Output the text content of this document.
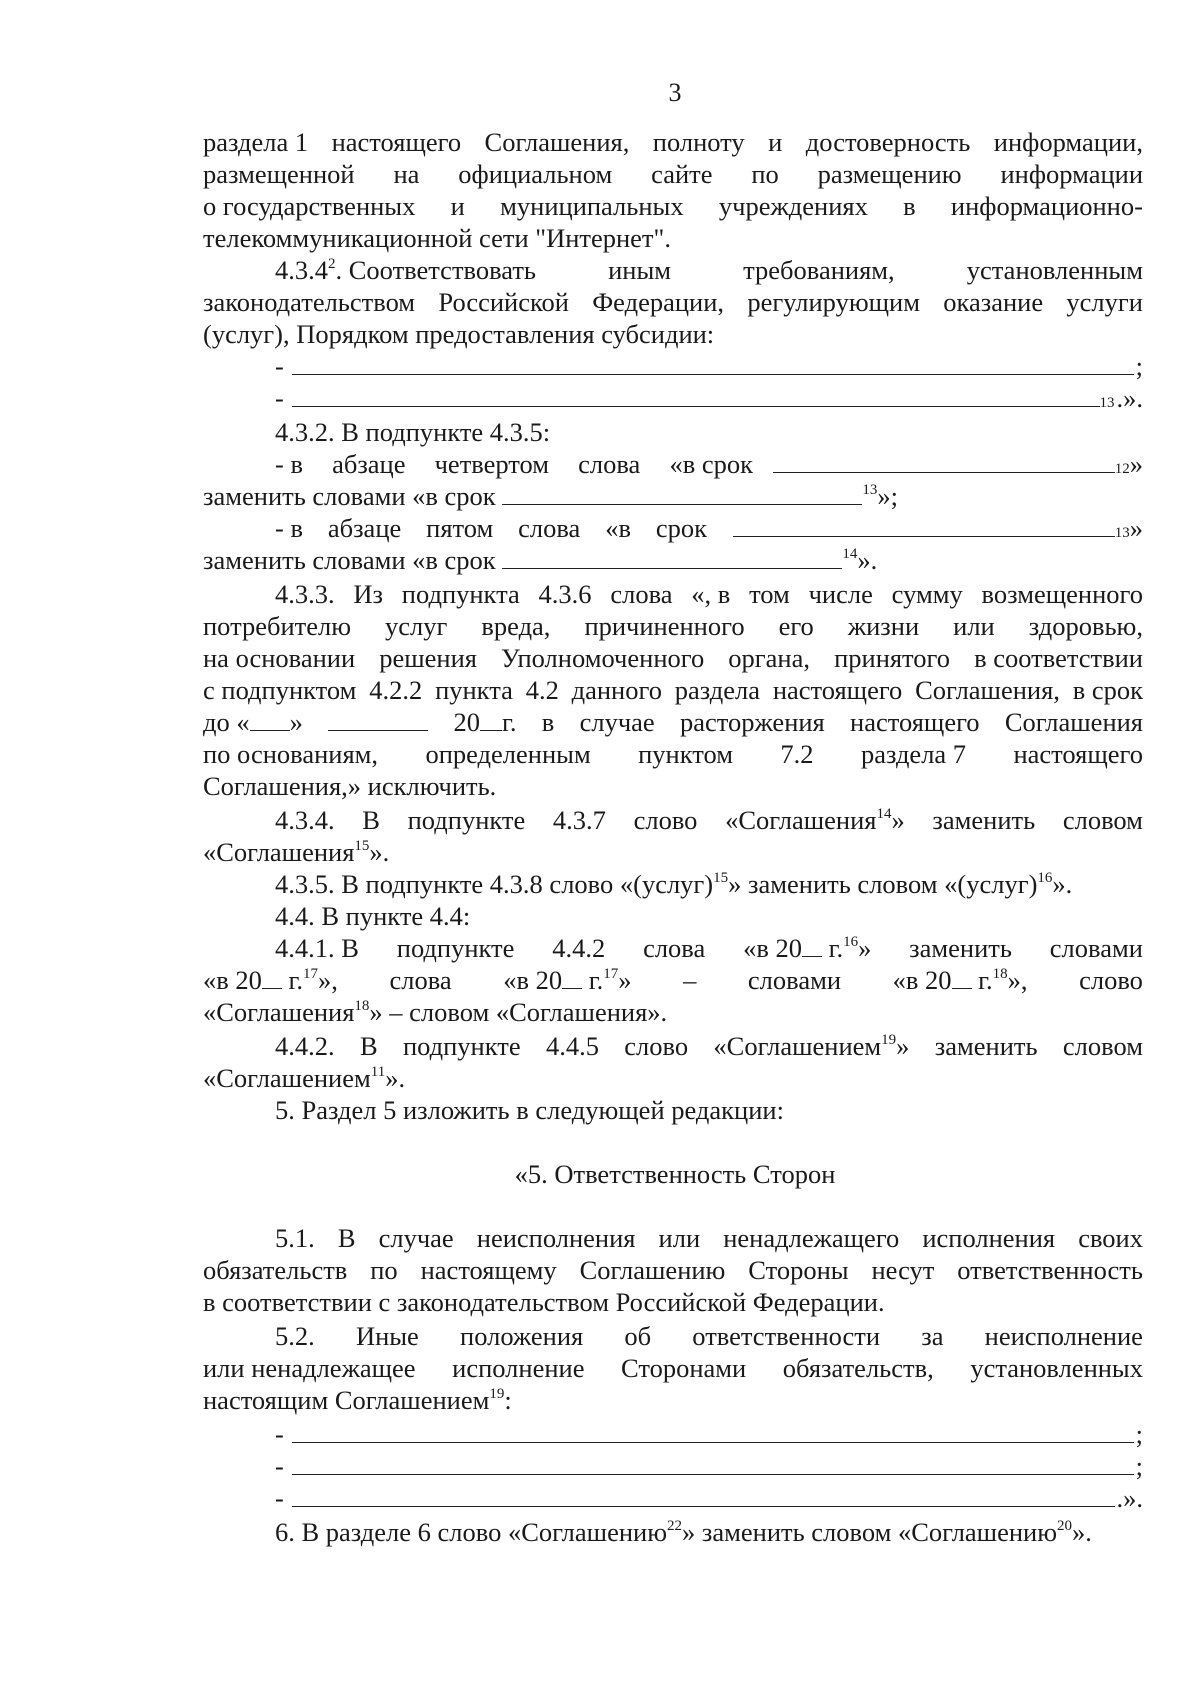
3
раздела 1 настоящего Соглашения, полноту и достоверность информации,
размещенной на официальном сайте по размещению информации
о государственных и муниципальных учреждениях в информационно-
телекоммуникационной сети "Интернет".
4.3.4$^2$. Соответствовать	иным	требованиям,	установленным
законодательством Российской Федерации, регулирующим оказание услуги
(услуг), Порядком предоставления субсидии:
-	;
-	13 .».
4.3.2. В подпункте 4.3.5:
- в абзаце четвертом слова «в срок	12 »
заменить словами «в срок	$^{13}$»;
- в абзаце пятом слова «в срок	13 »
заменить словами «в срок	$^{14}$».
4.3.3. Из подпункта 4.3.6 слова «, в том числе сумму возмещенного
потребителю услуг вреда, причиненного его жизни или здоровью,
на основании решения Уполномоченного органа, принятого в соответствии
с подпунктом 4.2.2 пункта 4.2 данного раздела настоящего Соглашения, в срок
до « »	20 г. в случае расторжения настоящего Соглашения
по основаниям, определенным пунктом 7.2 раздела 7 настоящего
Соглашения,» исключить.
4.3.4. В подпункте 4.3.7 слово «Соглашения$^{14}$» заменить словом
«Соглашения$^{15}$».
4.3.5. В подпункте 4.3.8 слово «(услуг)$^{15}$» заменить словом «(услуг)$^{16}$».
4.4. В пункте 4.4:
4.4.1. В подпункте 4.4.2 слова «в 20 г.$^{16}$» заменить словами
«в 20 г.$^{17}$», слова «в 20 г.$^{17}$» – словами «в 20 г.$^{18}$», слово
«Соглашения$^{18}$» – словом «Соглашения».
4.4.2. В подпункте 4.4.5 слово «Соглашением$^{19}$» заменить словом
«Соглашением$^{11}$».
5. Раздел 5 изложить в следующей редакции:
«5. Ответственность Сторон
5.1. В случае неисполнения или ненадлежащего исполнения своих
обязательств по настоящему Соглашению Стороны несут ответственность
в соответствии с законодательством Российской Федерации.
5.2. Иные положения об ответственности за неисполнение
или ненадлежащее исполнение Сторонами обязательств, установленных
настоящим Соглашением$^{19}$:
-	;
-	;
-	.».
6. В разделе 6 слово «Соглашению$^{22}$» заменить словом «Соглашению$^{20}$».
